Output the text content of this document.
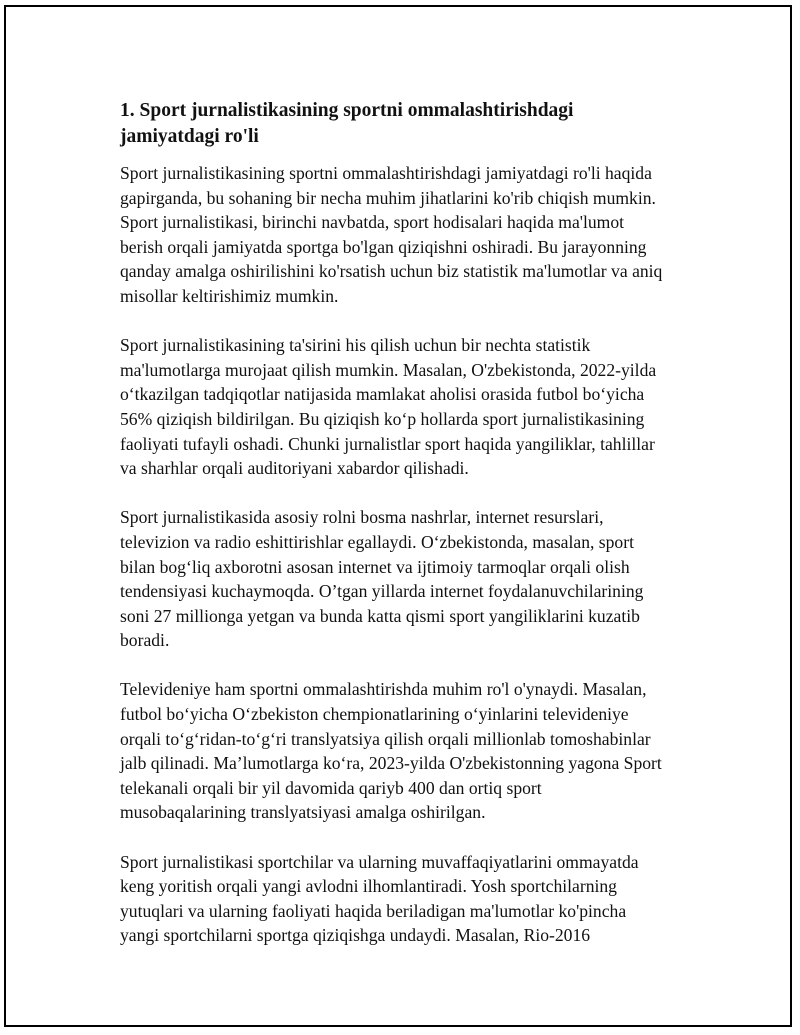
1. Sport jurnalistikasining sportni ommalashtirishdagi
jamiyatdagi ro'li

Sport jurnalistikasining sportni ommalashtirishdagi jamiyatdagi ro'li haqida
gapirganda, bu sohaning bir necha muhim jihatlarini ko'rib chiqish mumkin.
Sport jurnalistikasi, birinchi navbatda, sport hodisalari haqida ma'lumot
berish orqali jamiyatda sportga bo'lgan qiziqishni oshiradi. Bu jarayonning
qanday amalga oshirilishini ko'rsatish uchun biz statistik ma'lumotlar va aniq
misollar keltirishimiz mumkin.

Sport jurnalistikasining ta'sirini his qilish uchun bir nechta statistik
ma'lumotlarga murojaat qilish mumkin. Masalan, O'zbekistonda, 2022-yilda
o‘tkazilgan tadqiqotlar natijasida mamlakat aholisi orasida futbol bo‘yicha
56% qiziqish bildirilgan. Bu qiziqish ko‘p hollarda sport jurnalistikasining
faoliyati tufayli oshadi. Chunki jurnalistlar sport haqida yangiliklar, tahlillar
va sharhlar orqali auditoriyani xabardor qilishadi.

Sport jurnalistikasida asosiy rolni bosma nashrlar, internet resurslari,
televizion va radio eshittirishlar egallaydi. O‘zbekistonda, masalan, sport
bilan bog‘liq axborotni asosan internet va ijtimoiy tarmoqlar orqali olish
tendensiyasi kuchaymoqda. O’tgan yillarda internet foydalanuvchilarining
soni 27 millionga yetgan va bunda katta qismi sport yangiliklarini kuzatib
boradi.

Televideniye ham sportni ommalashtirishda muhim ro'l o'ynaydi. Masalan,
futbol bo‘yicha O‘zbekiston chempionatlarining o‘yinlarini televideniye
orqali to‘g‘ridan-to‘g‘ri translyatsiya qilish orqali millionlab tomoshabinlar
jalb qilinadi. Ma’lumotlarga ko‘ra, 2023-yilda O'zbekistonning yagona Sport
telekanali orqali bir yil davomida qariyb 400 dan ortiq sport
musobaqalarining translyatsiyasi amalga oshirilgan.

Sport jurnalistikasi sportchilar va ularning muvaffaqiyatlarini ommayatda
keng yoritish orqali yangi avlodni ilhomlantiradi. Yosh sportchilarning
yutuqlari va ularning faoliyati haqida beriladigan ma'lumotlar ko'pincha
yangi sportchilarni sportga qiziqishga undaydi. Masalan, Rio-2016
